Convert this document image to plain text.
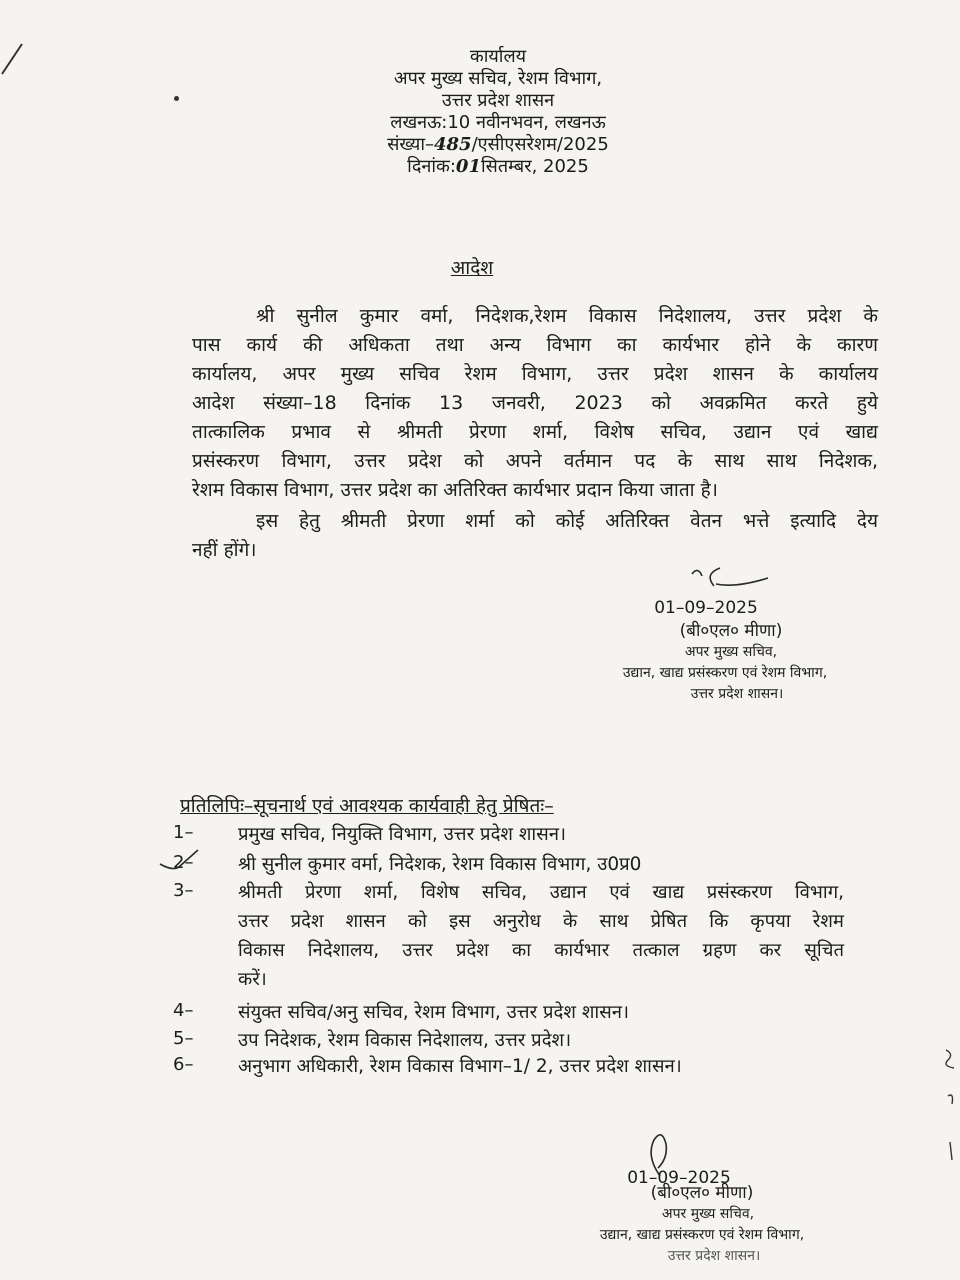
कार्यालय
अपर मुख्य सचिव, रेशम विभाग,
उत्तर प्रदेश शासन
लखनऊ:10 नवीनभवन, लखनऊ
संख्या–485/एसीएसरेशम/2025
दिनांक:01सितम्बर, 2025
आदेश
श्री सुनील कुमार वर्मा, निदेशक,रेशम विकास निदेशालय, उत्तर प्रदेश के
पास कार्य की अधिकता तथा अन्य विभाग का कार्यभार होने के कारण
कार्यालय, अपर मुख्य सचिव रेशम विभाग, उत्तर प्रदेश शासन के कार्यालय
आदेश संख्या–18 दिनांक 13 जनवरी, 2023 को अवक्रमित करते हुये
तात्कालिक प्रभाव से श्रीमती प्रेरणा शर्मा, विशेष सचिव, उद्यान एवं खाद्य
प्रसंस्करण विभाग, उत्तर प्रदेश को अपने वर्तमान पद के साथ साथ निदेशक,
रेशम विकास विभाग, उत्तर प्रदेश का अतिरिक्त कार्यभार प्रदान किया जाता है।
इस हेतु श्रीमती प्रेरणा शर्मा को कोई अतिरिक्त वेतन भत्ते इत्यादि देय
नहीं होंगे।
01–09–2025
(बी०एल० मीणा)
अपर मुख्य सचिव,
उद्यान, खाद्य प्रसंस्करण एवं रेशम विभाग,
उत्तर प्रदेश शासन।
प्रतिलिपिः–सूचनार्थ एवं आवश्यक कार्यवाही हेतु प्रेषितः–
1– प्रमुख सचिव, नियुक्ति विभाग, उत्तर प्रदेश शासन।
2– श्री सुनील कुमार वर्मा, निदेशक, रेशम विकास विभाग, उ0प्र0
3– श्रीमती प्रेरणा शर्मा, विशेष सचिव, उद्यान एवं खाद्य प्रसंस्करण विभाग,
उत्तर प्रदेश शासन को इस अनुरोध के साथ प्रेषित कि कृपया रेशम
विकास निदेशालय, उत्तर प्रदेश का कार्यभार तत्काल ग्रहण कर सूचित
करें।
4– संयुक्त सचिव/अनु सचिव, रेशम विभाग, उत्तर प्रदेश शासन।
5– उप निदेशक, रेशम विकास निदेशालय, उत्तर प्रदेश।
6– अनुभाग अधिकारी, रेशम विकास विभाग–1/ 2, उत्तर प्रदेश शासन।
01–09–2025
(बी०एल० मीणा)
अपर मुख्य सचिव,
उद्यान, खाद्य प्रसंस्करण एवं रेशम विभाग,
उत्तर प्रदेश शासन।
